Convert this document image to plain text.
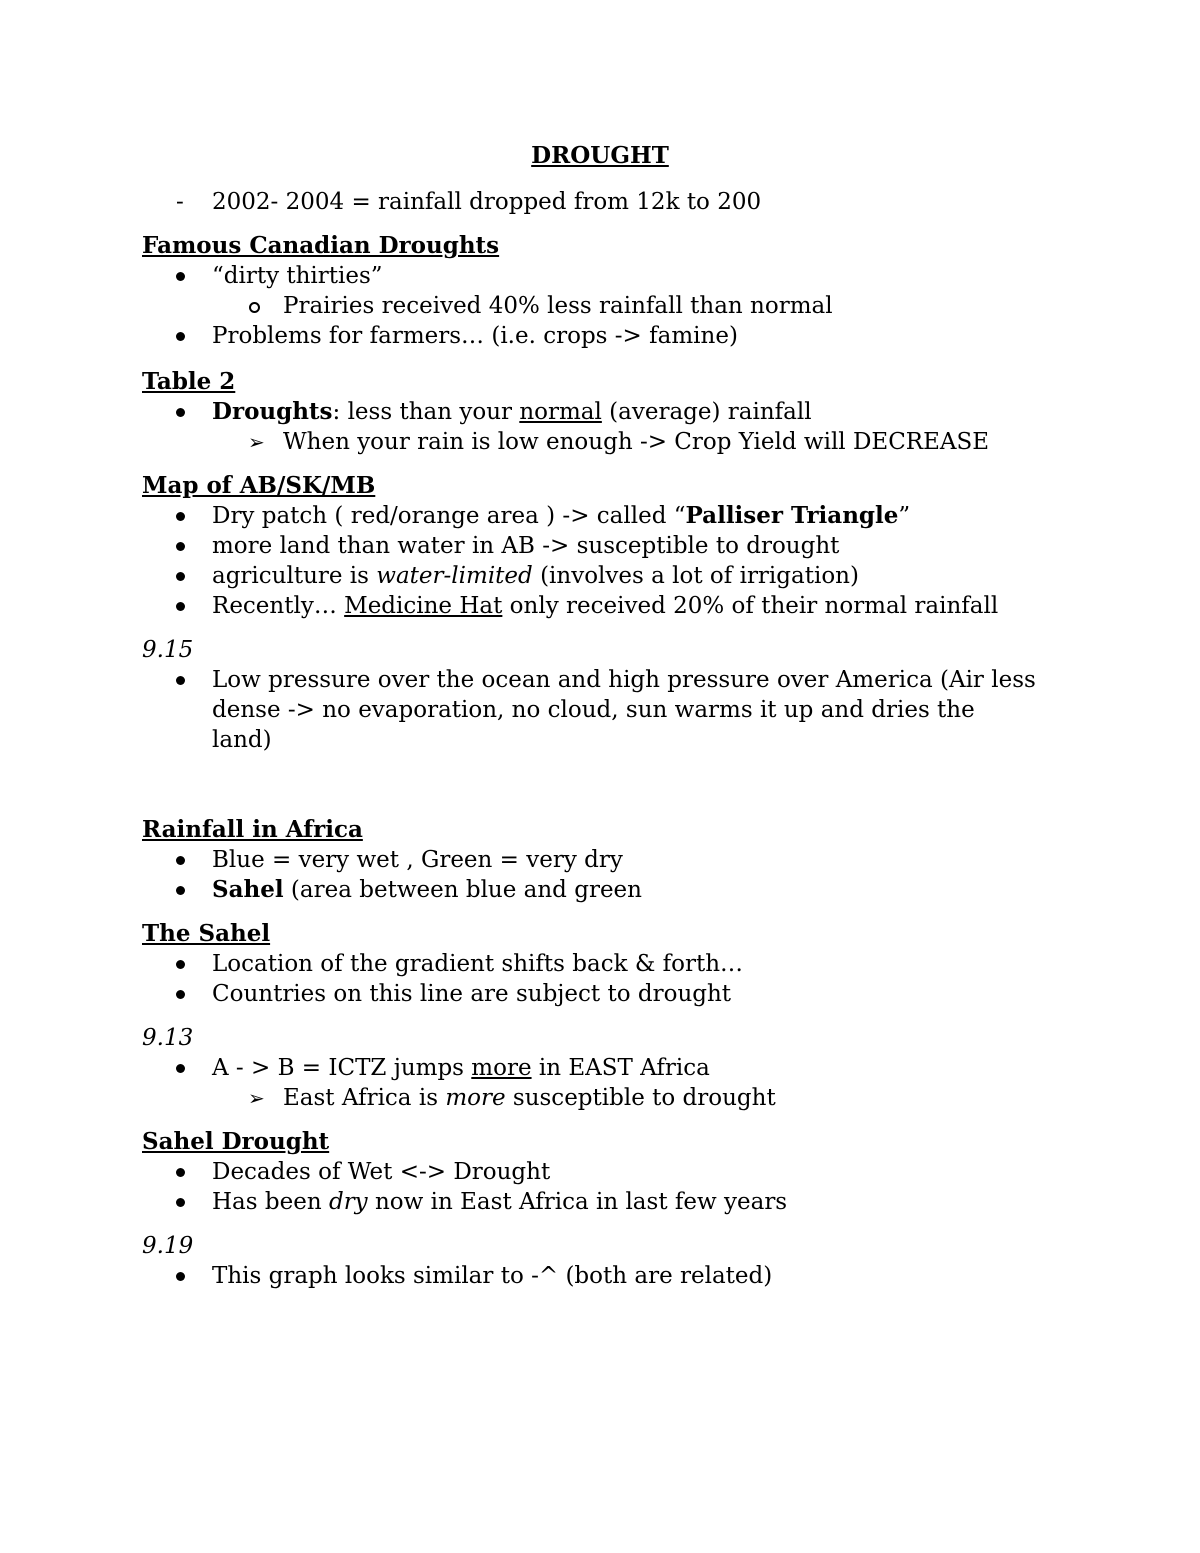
DROUGHT
- 2002- 2004 = rainfall dropped from 12k to 200
Famous Canadian Droughts
“dirty thirties”
Prairies received 40% less rainfall than normal
Problems for farmers… (i.e. crops -> famine)
Table 2
Droughts: less than your normal (average) rainfall
➢ When your rain is low enough -> Crop Yield will DECREASE
Map of AB/SK/MB
Dry patch ( red/orange area ) -> called “Palliser Triangle”
more land than water in AB -> susceptible to drought
agriculture is water-limited (involves a lot of irrigation)
Recently… Medicine Hat only received 20% of their normal rainfall
9.15
Low pressure over the ocean and high pressure over America (Air less
dense -> no evaporation, no cloud, sun warms it up and dries the
land)
Rainfall in Africa
Blue = very wet , Green = very dry
Sahel (area between blue and green
The Sahel
Location of the gradient shifts back & forth…
Countries on this line are subject to drought
9.13
A - > B = ICTZ jumps more in EAST Africa
➢ East Africa is more susceptible to drought
Sahel Drought
Decades of Wet <-> Drought
Has been dry now in East Africa in last few years
9.19
This graph looks similar to -^ (both are related)
